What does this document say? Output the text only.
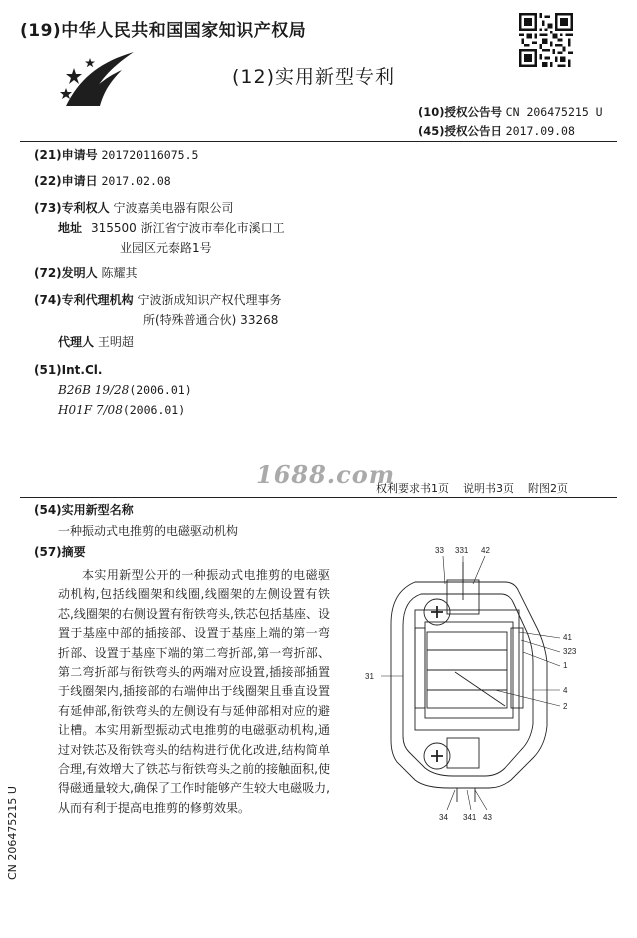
(19)中华人民共和国国家知识产权局
(12)实用新型专利
(10)授权公告号 CN 206475215 U
(45)授权公告日 2017.09.08
(21)申请号 201720116075.5
(22)申请日 2017.02.08
(73)专利权人 宁波嘉美电器有限公司
地址 315500 浙江省宁波市奉化市溪口工
业园区元泰路1号
(72)发明人 陈耀其
(74)专利代理机构 宁波浙成知识产权代理事务
所(特殊普通合伙) 33268
代理人 王明超
(51)Int.Cl.
B26B 19/28(2006.01)
H01F 7/08(2006.01)
1688.com
权利要求书1页    说明书3页    附图2页
(54)实用新型名称
一种振动式电推剪的电磁驱动机构
(57)摘要
本实用新型公开的一种振动式电推剪的电磁驱动机构,包括线圈架和线圈,线圈架的左侧设置有铁芯,线圈架的右侧设置有衔铁弯头,铁芯包括基座、设置于基座中部的插接部、设置于基座上端的第一弯折部、设置于基座下端的第二弯折部,第一弯折部、第二弯折部与衔铁弯头的两端对应设置,插接部插置于线圈架内,插接部的右端伸出于线圈架且垂直设置有延伸部,衔铁弯头的左侧设有与延伸部相对应的避让槽。本实用新型振动式电推剪的电磁驱动机构,通过对铁芯及衔铁弯头的结构进行优化改进,结构简单合理,有效增大了铁芯与衔铁弯头之前的接触面积,使得磁通量较大,确保了工作时能够产生较大电磁吸力,从而有利于提高电推剪的修剪效果。
CN 206475215 U
33 331 42
41
323
1
4
2
31
34 341 43
